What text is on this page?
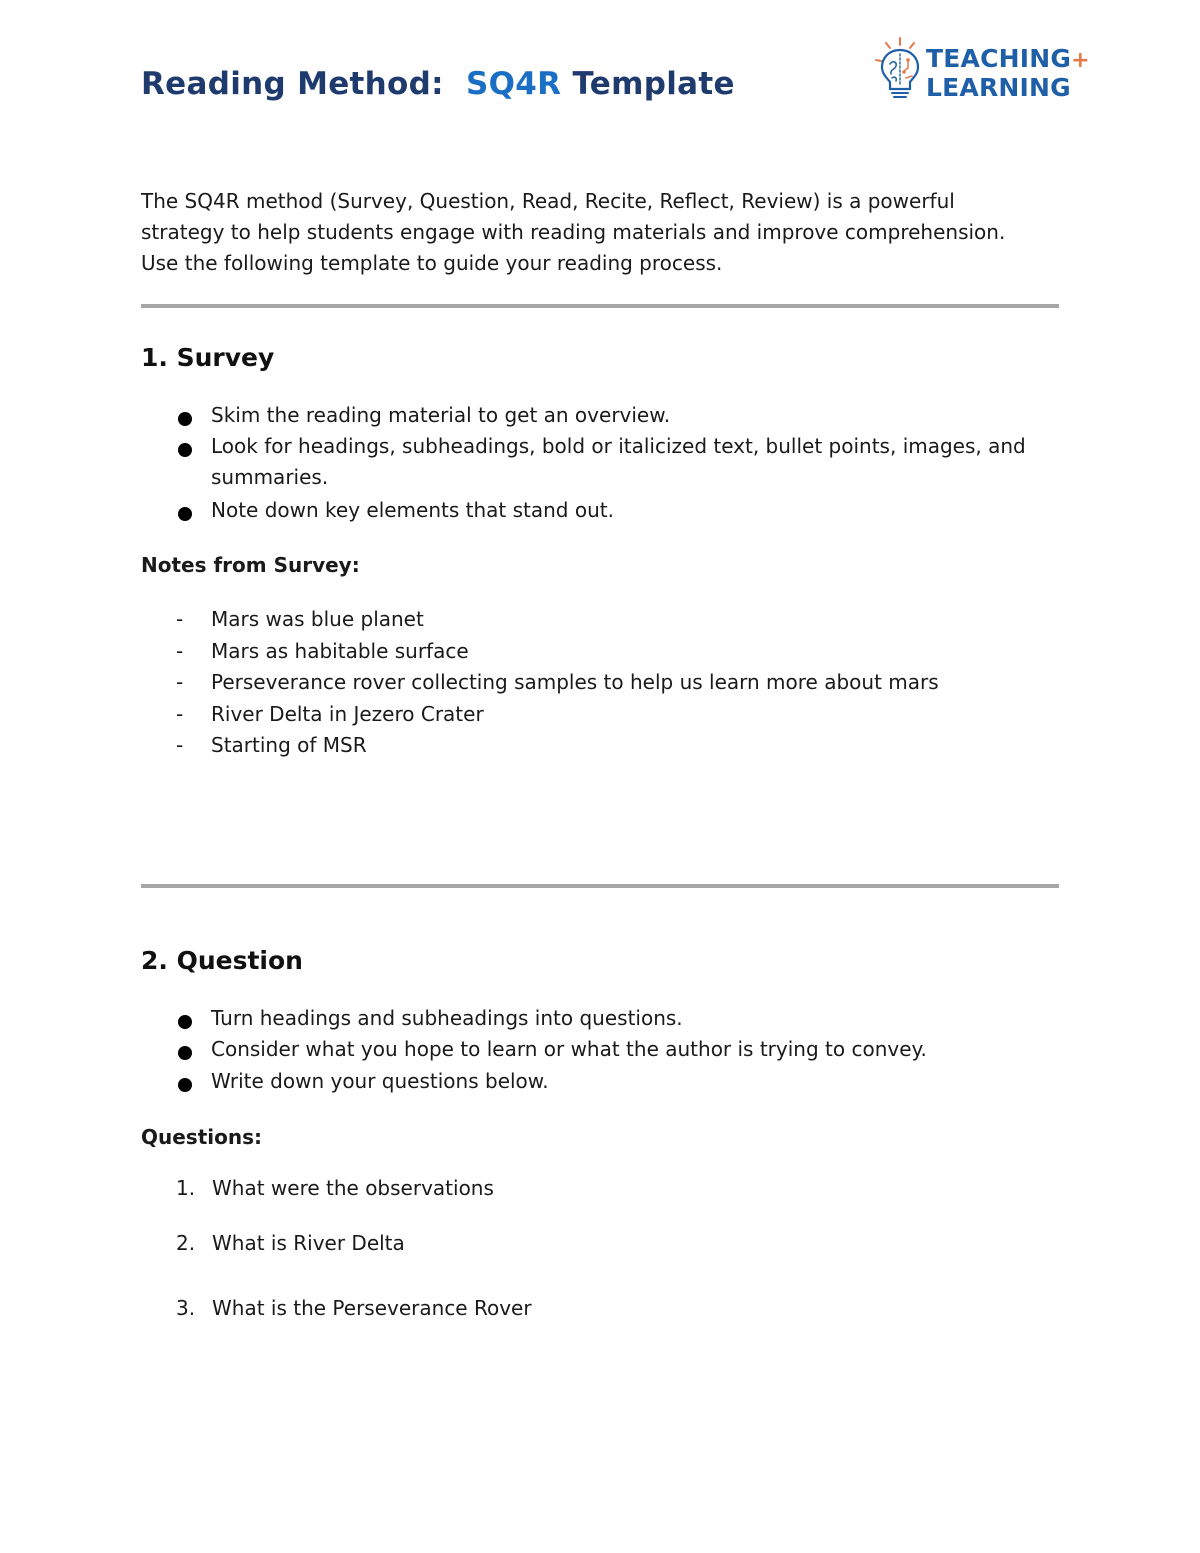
Reading Method: SQ4R Template
TEACHING+
LEARNING

The SQ4R method (Survey, Question, Read, Recite, Reflect, Review) is a powerful strategy to help students engage with reading materials and improve comprehension. Use the following template to guide your reading process.

1. Survey
Skim the reading material to get an overview.
Look for headings, subheadings, bold or italicized text, bullet points, images, and summaries.
Note down key elements that stand out.
Notes from Survey:
- Mars was blue planet
- Mars as habitable surface
- Perseverance rover collecting samples to help us learn more about mars
- River Delta in Jezero Crater
- Starting of MSR
2. Question
Turn headings and subheadings into questions.
Consider what you hope to learn or what the author is trying to convey.
Write down your questions below.
Questions:
1. What were the observations
2. What is River Delta
3. What is the Perseverance Rover
